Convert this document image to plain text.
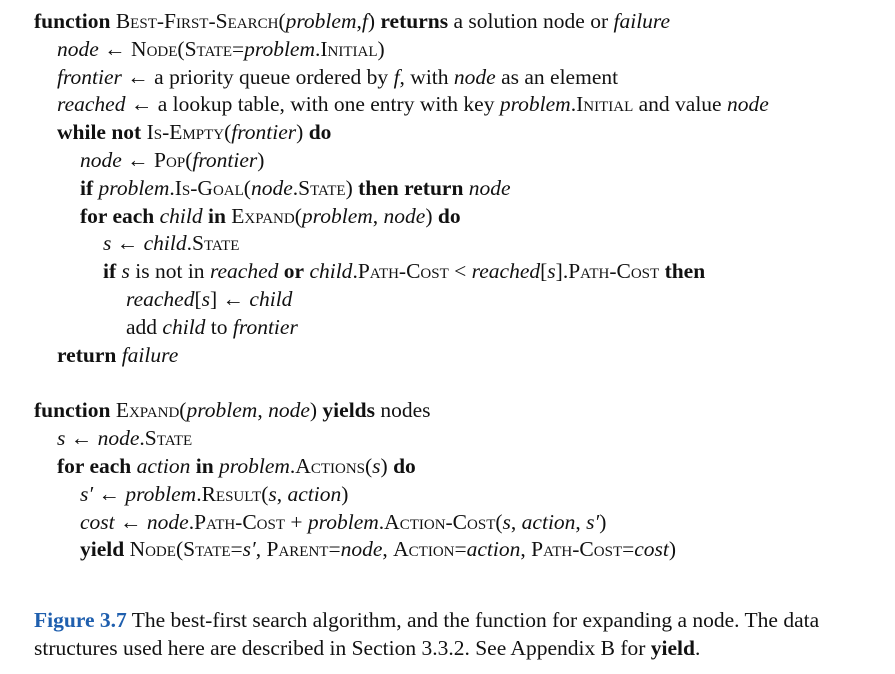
function Best-First-Search(problem,f) returns a solution node or failure
node ← Node(State=problem.Initial)
frontier ← a priority queue ordered by f, with node as an element
reached ← a lookup table, with one entry with key problem.Initial and value node
while not Is-Empty(frontier) do
node ← Pop(frontier)
if problem.Is-Goal(node.State) then return node
for each child in Expand(problem, node) do
s ← child.State
if s is not in reached or child.Path-Cost < reached[s].Path-Cost then
reached[s] ← child
add child to frontier
return failure
function Expand(problem, node) yields nodes
s ← node.State
for each action in problem.Actions(s) do
s′ ← problem.Result(s, action)
cost ← node.Path-Cost + problem.Action-Cost(s, action, s′)
yield Node(State=s′, Parent=node, Action=action, Path-Cost=cost)
Figure 3.7 The best-first search algorithm, and the function for expanding a node. The data
structures used here are described in Section 3.3.2. See Appendix B for yield.
